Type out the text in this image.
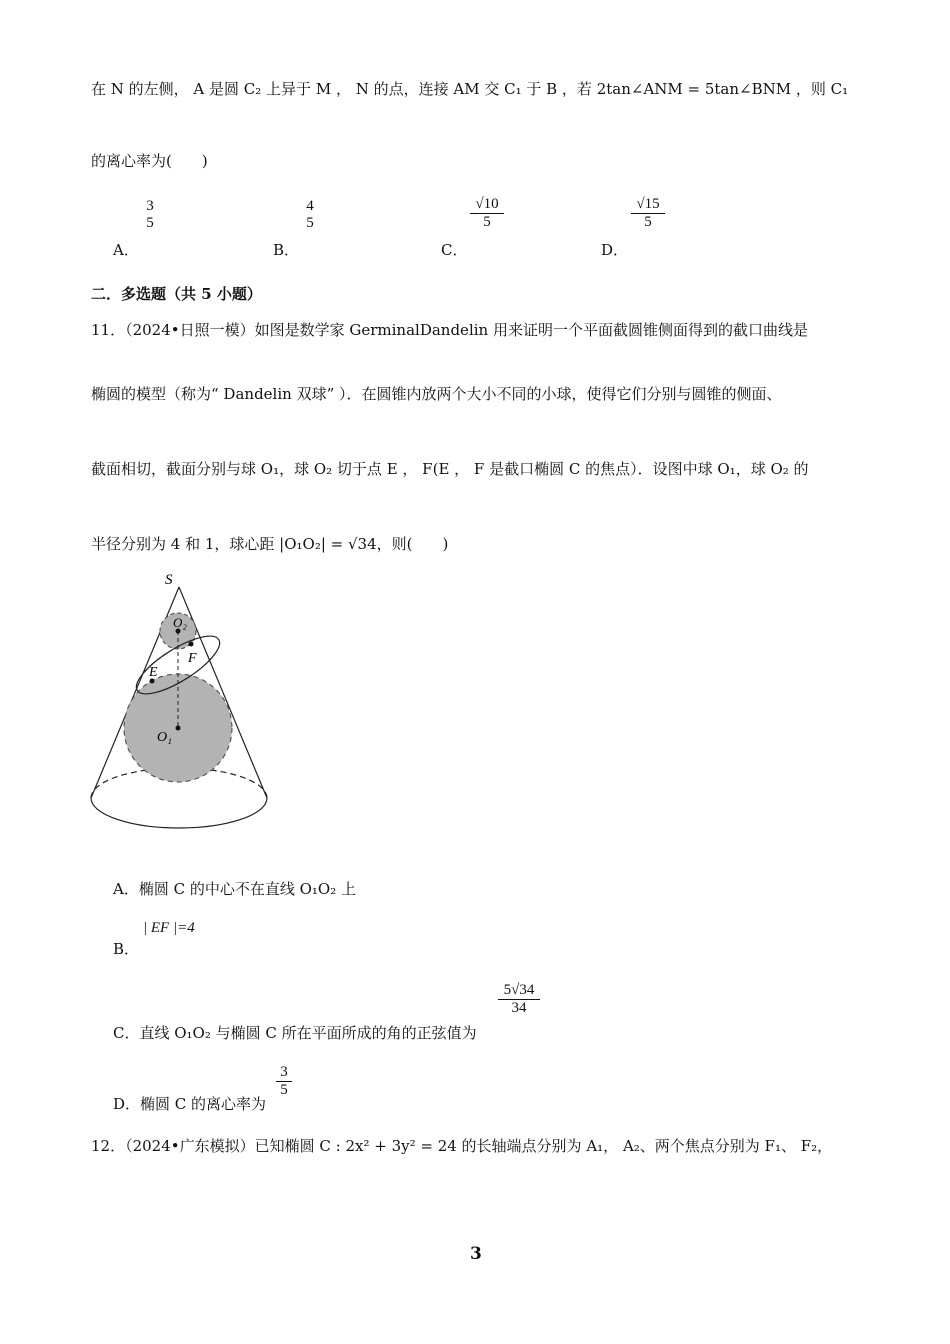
在 N 的左侧， A 是圆 C₂ 上异于 M ， N 的点，连接 AM 交 C₁ 于 B ，若 2tan∠ANM = 5tan∠BNM ，则 C₁
的离心率为(　　)
A．
3
5
B．
4
5
C．
$\frac{√10}{5}$
D．
$\frac{√15}{5}$
二．多选题（共 5 小题）
11．（2024•日照一模）如图是数学家 GerminalDandelin 用来证明一个平面截圆锥侧面得到的截口曲线是
椭圆的模型（称为“ Dandelin 双球” ）．在圆锥内放两个大小不同的小球，使得它们分别与圆锥的侧面、
截面相切，截面分别与球 O₁，球 O₂ 切于点 E ， F(E ， F 是截口椭圆 C 的焦点）．设图中球 O₁，球 O₂ 的
半径分别为 4 和 1，球心距 |O₁O₂| = √34，则(　　)
S
O₂
F
E
O₁
A．椭圆 C 的中心不在直线 O₁O₂ 上
B．
| EF |=4
C．直线 O₁O₂ 与椭圆 C 所在平面所成的角的正弦值为
$\frac{5√34}{34}$
D．椭圆 C 的离心率为
$\frac{3}{5}$
12．（2024•广东模拟）已知椭圆 C : 2x² + 3y² = 24 的长轴端点分别为 A₁， A₂、两个焦点分别为 F₁、 F₂，
3
